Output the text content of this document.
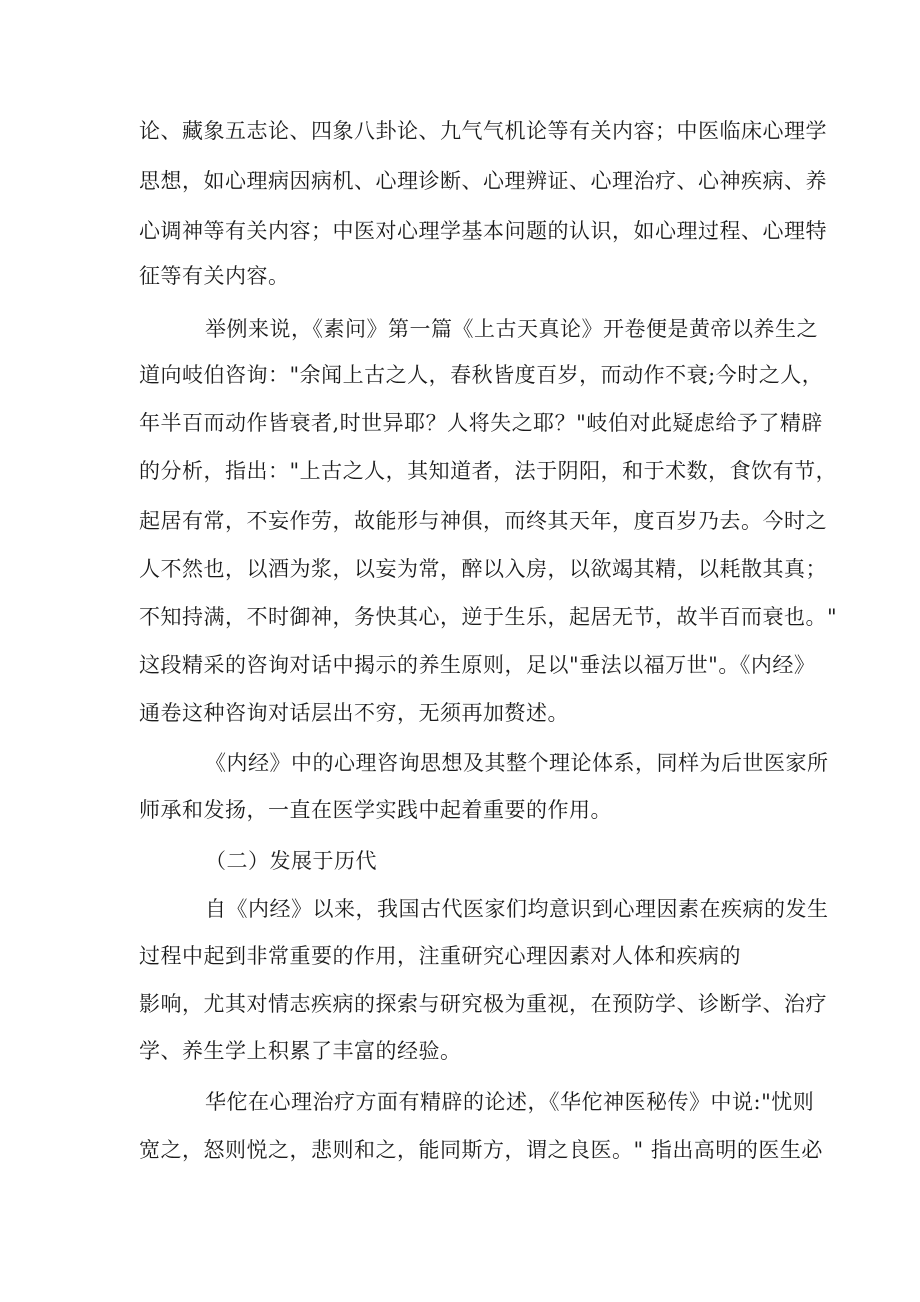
论、藏象五志论、四象八卦论、九气气机论等有关内容；中医临床心理学
思想，如心理病因病机、心理诊断、心理辨证、心理治疗、心神疾病、养
心调神等有关内容；中医对心理学基本问题的认识，如心理过程、心理特
征等有关内容。
举例来说，《素问》第一篇《上古天真论》开卷便是黄帝以养生之
道向岐伯咨询："余闻上古之人，春秋皆度百岁，而动作不衰;今时之人，
年半百而动作皆衰者,时世异耶？人将失之耶？"岐伯对此疑虑给予了精辟
的分析，指出："上古之人，其知道者，法于阴阳，和于术数，食饮有节，
起居有常，不妄作劳，故能形与神俱，而终其天年，度百岁乃去。今时之
人不然也，以酒为浆，以妄为常，醉以入房，以欲竭其精，以耗散其真；
不知持满，不时御神，务快其心，逆于生乐，起居无节，故半百而衰也。"
这段精采的咨询对话中揭示的养生原则，足以"垂法以福万世"。《内经》
通卷这种咨询对话层出不穷，无须再加赘述。
《内经》中的心理咨询思想及其整个理论体系，同样为后世医家所
师承和发扬，一直在医学实践中起着重要的作用。
（二）发展于历代
自《内经》以来，我国古代医家们均意识到心理因素在疾病的发生
过程中起到非常重要的作用，注重研究心理因素对人体和疾病的
影响，尤其对情志疾病的探索与研究极为重视，在预防学、诊断学、治疗
学、养生学上积累了丰富的经验。
华佗在心理治疗方面有精辟的论述，《华佗神医秘传》中说:"忧则
宽之，怒则悦之，悲则和之，能同斯方，谓之良医。" 指出高明的医生必
